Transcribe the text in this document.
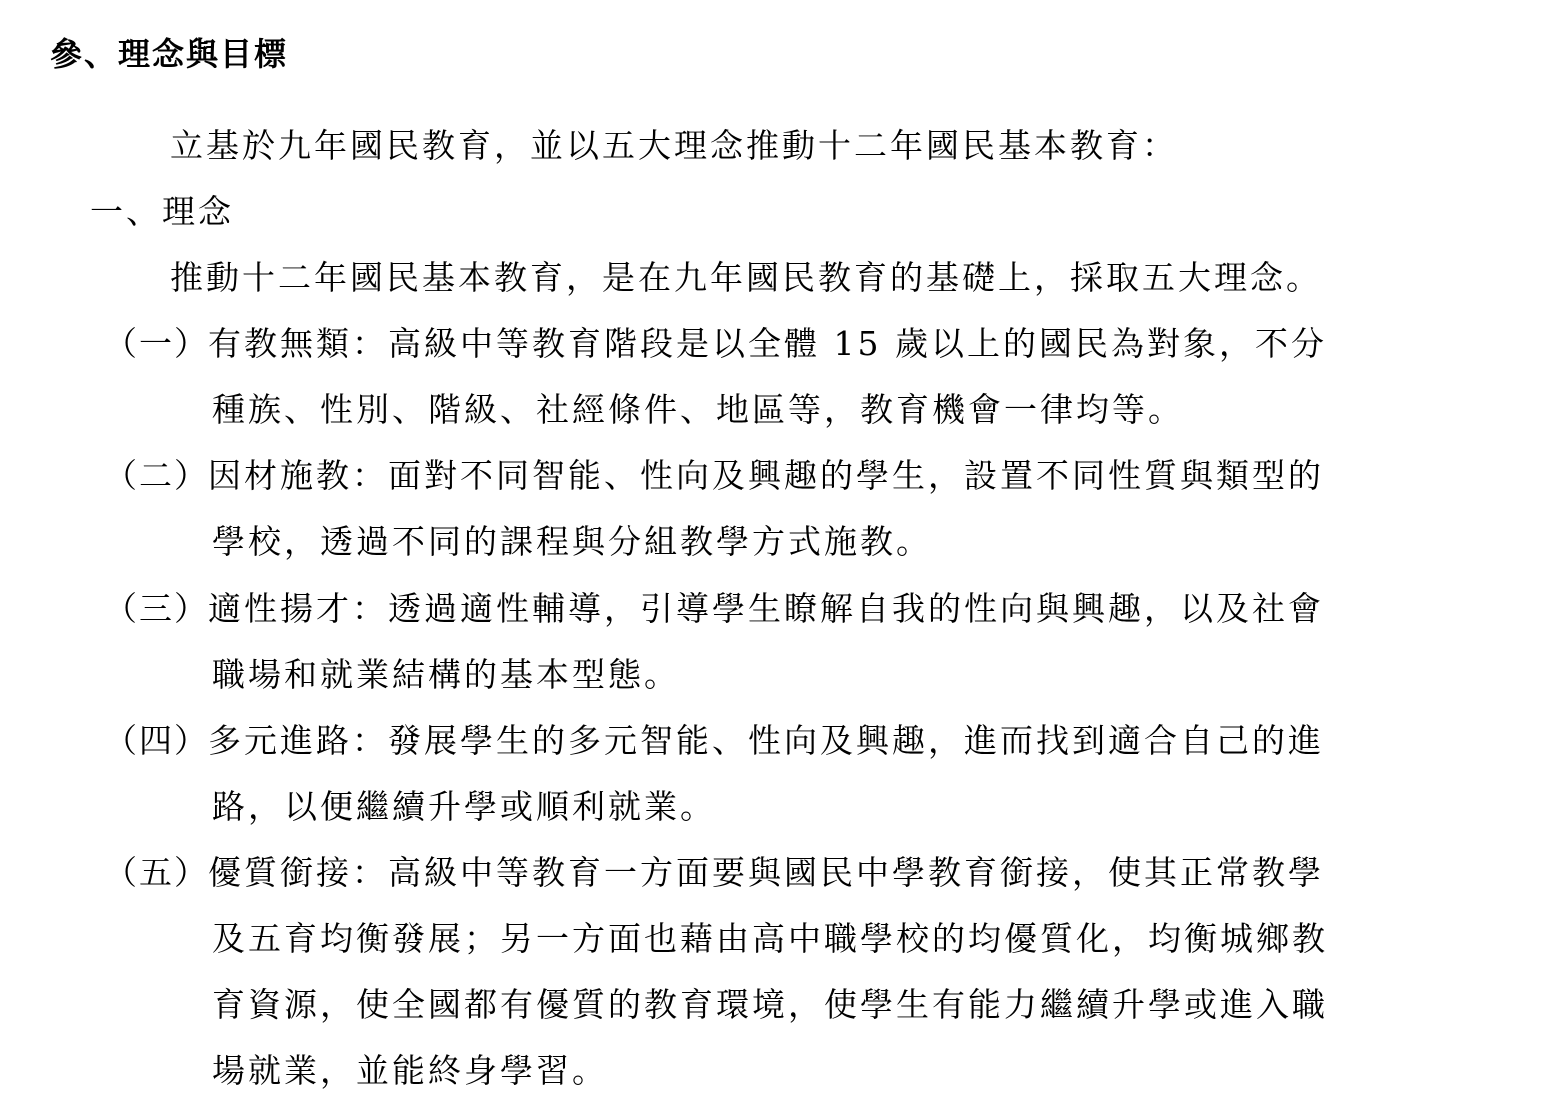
參、理念與目標
立基於九年國民教育，並以五大理念推動十二年國民基本教育：
一、理念
推動十二年國民基本教育，是在九年國民教育的基礎上，採取五大理念。
（一） 有教無類：高級中等教育階段是以全體 15 歲以上的國民為對象，不分
種族、性別、階級、社經條件、地區等，教育機會一律均等。
（二） 因材施教：面對不同智能、性向及興趣的學生，設置不同性質與類型的
學校，透過不同的課程與分組教學方式施教。
（三） 適性揚才：透過適性輔導，引導學生瞭解自我的性向與興趣，以及社會
職場和就業結構的基本型態。
（四） 多元進路：發展學生的多元智能、性向及興趣，進而找到適合自己的進
路，以便繼續升學或順利就業。
（五） 優質銜接：高級中等教育一方面要與國民中學教育銜接，使其正常教學
及五育均衡發展；另一方面也藉由高中職學校的均優質化，均衡城鄉教
育資源，使全國都有優質的教育環境，使學生有能力繼續升學或進入職
場就業，並能終身學習。
